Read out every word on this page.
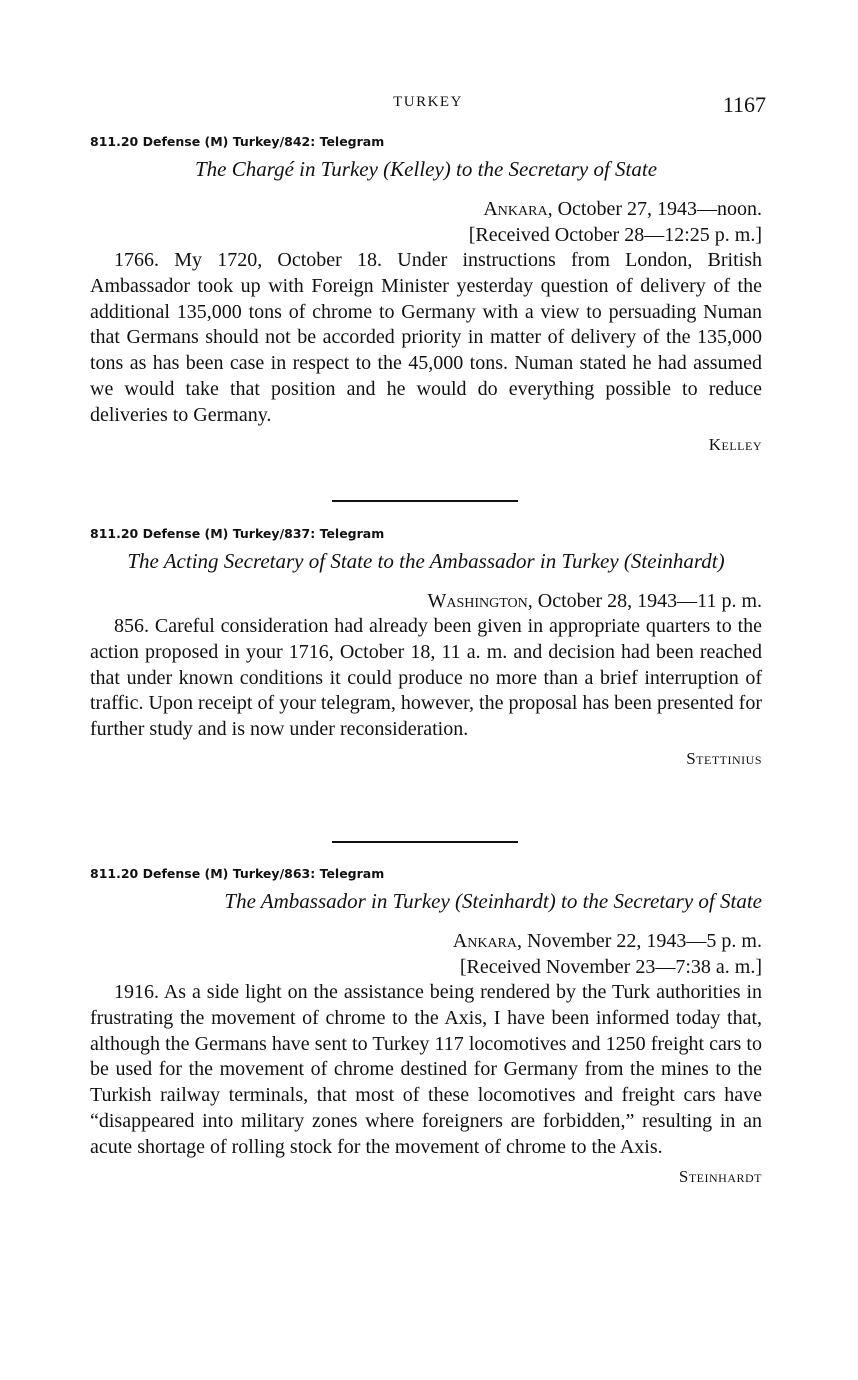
TURKEY	1167
811.20 Defense (M) Turkey/842: Telegram
The Chargé in Turkey (Kelley) to the Secretary of State
Ankara, October 27, 1943—noon.
[Received October 28—12:25 p. m.]

1766. My 1720, October 18. Under instructions from London, British Ambassador took up with Foreign Minister yesterday question of delivery of the additional 135,000 tons of chrome to Germany with a view to persuading Numan that Germans should not be accorded priority in matter of delivery of the 135,000 tons as has been case in respect to the 45,000 tons. Numan stated he had assumed we would take that position and he would do everything possible to reduce deliveries to Germany.

Kelley
811.20 Defense (M) Turkey/837: Telegram
The Acting Secretary of State to the Ambassador in Turkey (Steinhardt)
Washington, October 28, 1943—11 p. m.

856. Careful consideration had already been given in appropriate quarters to the action proposed in your 1716, October 18, 11 a. m. and decision had been reached that under known conditions it could produce no more than a brief interruption of traffic. Upon receipt of your telegram, however, the proposal has been presented for further study and is now under reconsideration.

Stettinius
811.20 Defense (M) Turkey/863: Telegram
The Ambassador in Turkey (Steinhardt) to the Secretary of State
Ankara, November 22, 1943—5 p. m.
[Received November 23—7:38 a. m.]

1916. As a side light on the assistance being rendered by the Turk authorities in frustrating the movement of chrome to the Axis, I have been informed today that, although the Germans have sent to Turkey 117 locomotives and 1250 freight cars to be used for the movement of chrome destined for Germany from the mines to the Turkish railway terminals, that most of these locomotives and freight cars have “disappeared into military zones where foreigners are forbidden,” resulting in an acute shortage of rolling stock for the movement of chrome to the Axis.

Steinhardt
